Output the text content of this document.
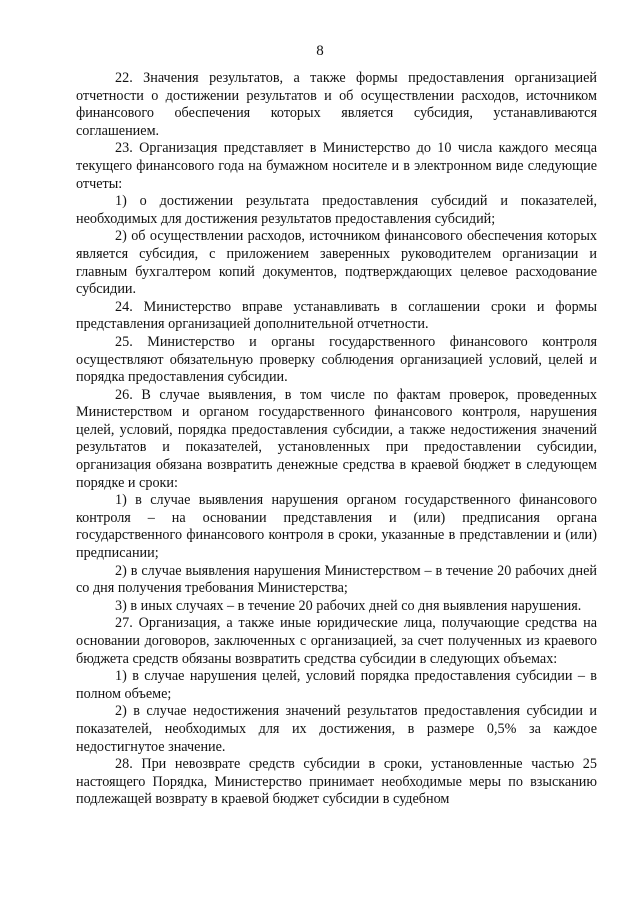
8

22. Значения результатов, а также формы предоставления организацией отчетности о достижении результатов и об осуществлении расходов, источником финансового обеспечения которых является субсидия, устанавливаются соглашением.

23. Организация представляет в Министерство до 10 числа каждого месяца текущего финансового года на бумажном носителе и в электронном виде следующие отчеты:

1) о достижении результата предоставления субсидий и показателей, необходимых для достижения результатов предоставления субсидий;

2) об осуществлении расходов, источником финансового обеспечения которых является субсидия, с приложением заверенных руководителем организации и главным бухгалтером копий документов, подтверждающих целевое расходование субсидии.

24. Министерство вправе устанавливать в соглашении сроки и формы представления организацией дополнительной отчетности.

25. Министерство и органы государственного финансового контроля осуществляют обязательную проверку соблюдения организацией условий, целей и порядка предоставления субсидии.

26. В случае выявления, в том числе по фактам проверок, проведенных Министерством и органом государственного финансового контроля, нарушения целей, условий, порядка предоставления субсидии, а также недостижения значений результатов и показателей, установленных при предоставлении субсидии, организация обязана возвратить денежные средства в краевой бюджет в следующем порядке и сроки:

1) в случае выявления нарушения органом государственного финансового контроля – на основании представления и (или) предписания органа государственного финансового контроля в сроки, указанные в представлении и (или) предписании;

2) в случае выявления нарушения Министерством – в течение 20 рабочих дней со дня получения требования Министерства;

3) в иных случаях – в течение 20 рабочих дней со дня выявления нарушения.

27. Организация, а также иные юридические лица, получающие средства на основании договоров, заключенных с организацией, за счет полученных из краевого бюджета средств обязаны возвратить средства субсидии в следующих объемах:

1) в случае нарушения целей, условий порядка предоставления субсидии – в полном объеме;

2) в случае недостижения значений результатов предоставления субсидии и показателей, необходимых для их достижения, в размере 0,5% за каждое недостигнутое значение.

28. При невозврате средств субсидии в сроки, установленные частью 25 настоящего Порядка, Министерство принимает необходимые меры по взысканию подлежащей возврату в краевой бюджет субсидии в судебном
